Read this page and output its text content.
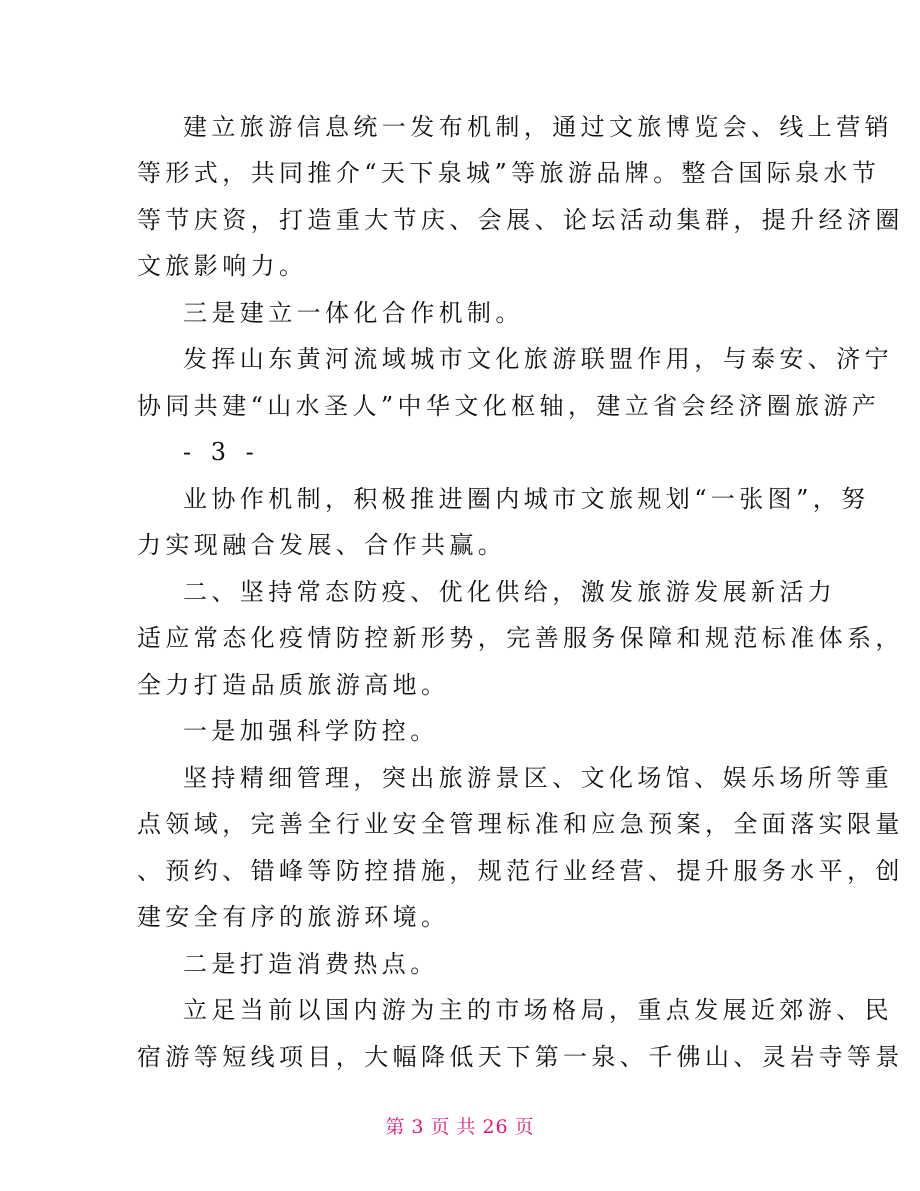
建立旅游信息统一发布机制，通过文旅博览会、线上营销
等形式，共同推介“天下泉城”等旅游品牌。整合国际泉水节
等节庆资，打造重大节庆、会展、论坛活动集群，提升经济圈
文旅影响力。
三是建立一体化合作机制。
发挥山东黄河流域城市文化旅游联盟作用，与泰安、济宁
协同共建“山水圣人”中华文化枢轴，建立省会经济圈旅游产
- 3 -
业协作机制，积极推进圈内城市文旅规划“一张图”，努
力实现融合发展、合作共赢。
二、坚持常态防疫、优化供给，激发旅游发展新活力
适应常态化疫情防控新形势，完善服务保障和规范标准体系，
全力打造品质旅游高地。
一是加强科学防控。
坚持精细管理，突出旅游景区、文化场馆、娱乐场所等重
点领域，完善全行业安全管理标准和应急预案，全面落实限量
、预约、错峰等防控措施，规范行业经营、提升服务水平，创
建安全有序的旅游环境。
二是打造消费热点。
立足当前以国内游为主的市场格局，重点发展近郊游、民
宿游等短线项目，大幅降低天下第一泉、千佛山、灵岩寺等景
第 3 页 共 26 页
